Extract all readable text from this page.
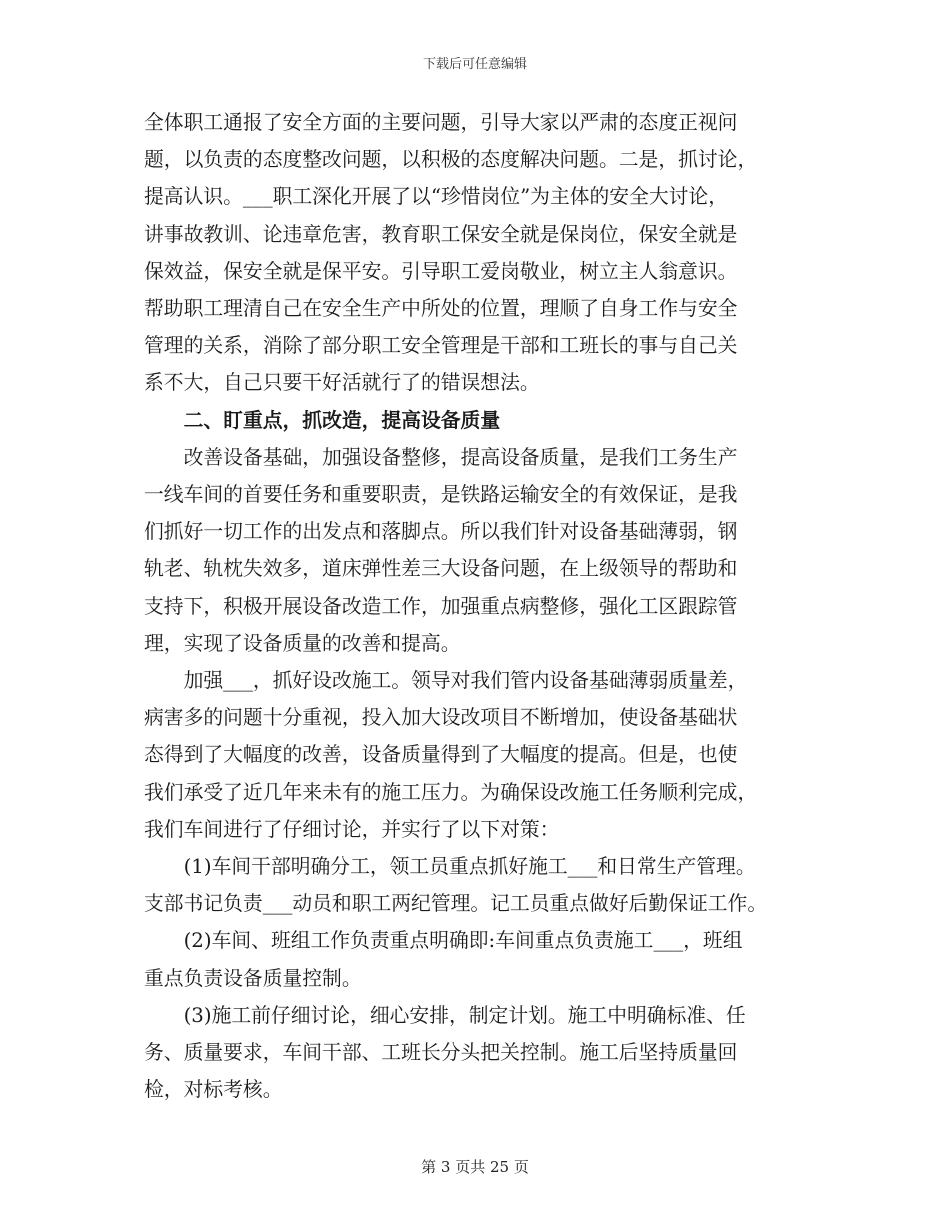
下载后可任意编辑
全体职工通报了安全方面的主要问题，引导大家以严肃的态度正视问
题，以负责的态度整改问题，以积极的态度解决问题。二是，抓讨论，
提高认识。___职工深化开展了以“珍惜岗位”为主体的安全大讨论，
讲事故教训、论违章危害，教育职工保安全就是保岗位，保安全就是
保效益，保安全就是保平安。引导职工爱岗敬业，树立主人翁意识。
帮助职工理清自己在安全生产中所处的位置，理顺了自身工作与安全
管理的关系，消除了部分职工安全管理是干部和工班长的事与自己关
系不大，自己只要干好活就行了的错误想法。
二、盯重点，抓改造，提高设备质量
改善设备基础，加强设备整修，提高设备质量，是我们工务生产
一线车间的首要任务和重要职责，是铁路运输安全的有效保证，是我
们抓好一切工作的出发点和落脚点。所以我们针对设备基础薄弱，钢
轨老、轨枕失效多，道床弹性差三大设备问题，在上级领导的帮助和
支持下，积极开展设备改造工作，加强重点病整修，强化工区跟踪管
理，实现了设备质量的改善和提高。
加强___，抓好设改施工。领导对我们管内设备基础薄弱质量差，
病害多的问题十分重视，投入加大设改项目不断增加，使设备基础状
态得到了大幅度的改善，设备质量得到了大幅度的提高。但是，也使
我们承受了近几年来未有的施工压力。为确保设改施工任务顺利完成，
我们车间进行了仔细讨论，并实行了以下对策：
(1)车间干部明确分工，领工员重点抓好施工___和日常生产管理。
支部书记负责___动员和职工两纪管理。记工员重点做好后勤保证工作。
(2)车间、班组工作负责重点明确即:车间重点负责施工___，班组
重点负责设备质量控制。
(3)施工前仔细讨论，细心安排，制定计划。施工中明确标准、任
务、质量要求，车间干部、工班长分头把关控制。施工后坚持质量回
检，对标考核。
第 3 页共 25 页
